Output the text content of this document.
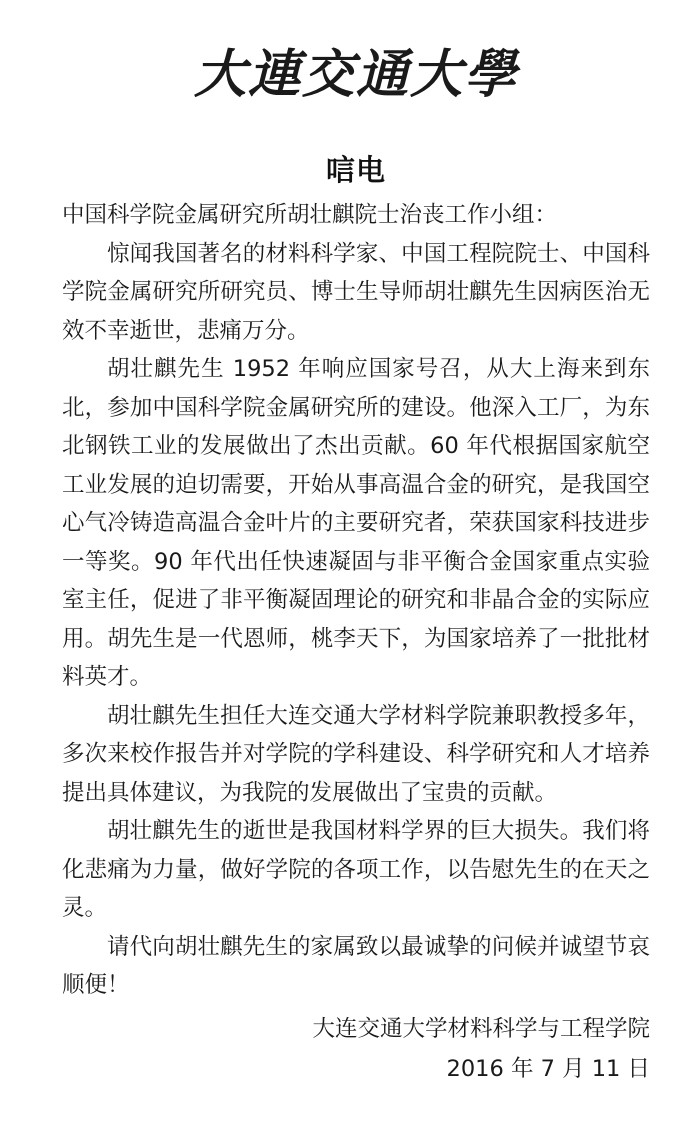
大連交通大學
唁电

中国科学院金属研究所胡壮麒院士治丧工作小组：

惊闻我国著名的材料科学家、中国工程院院士、中国科学院金属研究所研究员、博士生导师胡壮麒先生因病医治无效不幸逝世，悲痛万分。

胡壮麒先生 1952 年响应国家号召，从大上海来到东北，参加中国科学院金属研究所的建设。他深入工厂，为东北钢铁工业的发展做出了杰出贡献。60 年代根据国家航空工业发展的迫切需要，开始从事高温合金的研究，是我国空心气冷铸造高温合金叶片的主要研究者，荣获国家科技进步一等奖。90 年代出任快速凝固与非平衡合金国家重点实验室主任，促进了非平衡凝固理论的研究和非晶合金的实际应用。胡先生是一代恩师，桃李天下，为国家培养了一批批材料英才。

胡壮麒先生担任大连交通大学材料学院兼职教授多年，多次来校作报告并对学院的学科建设、科学研究和人才培养提出具体建议，为我院的发展做出了宝贵的贡献。

胡壮麒先生的逝世是我国材料学界的巨大损失。我们将化悲痛为力量，做好学院的各项工作，以告慰先生的在天之灵。

请代向胡壮麒先生的家属致以最诚挚的问候并诚望节哀顺便！

大连交通大学材料科学与工程学院
2016 年 7 月 11 日
